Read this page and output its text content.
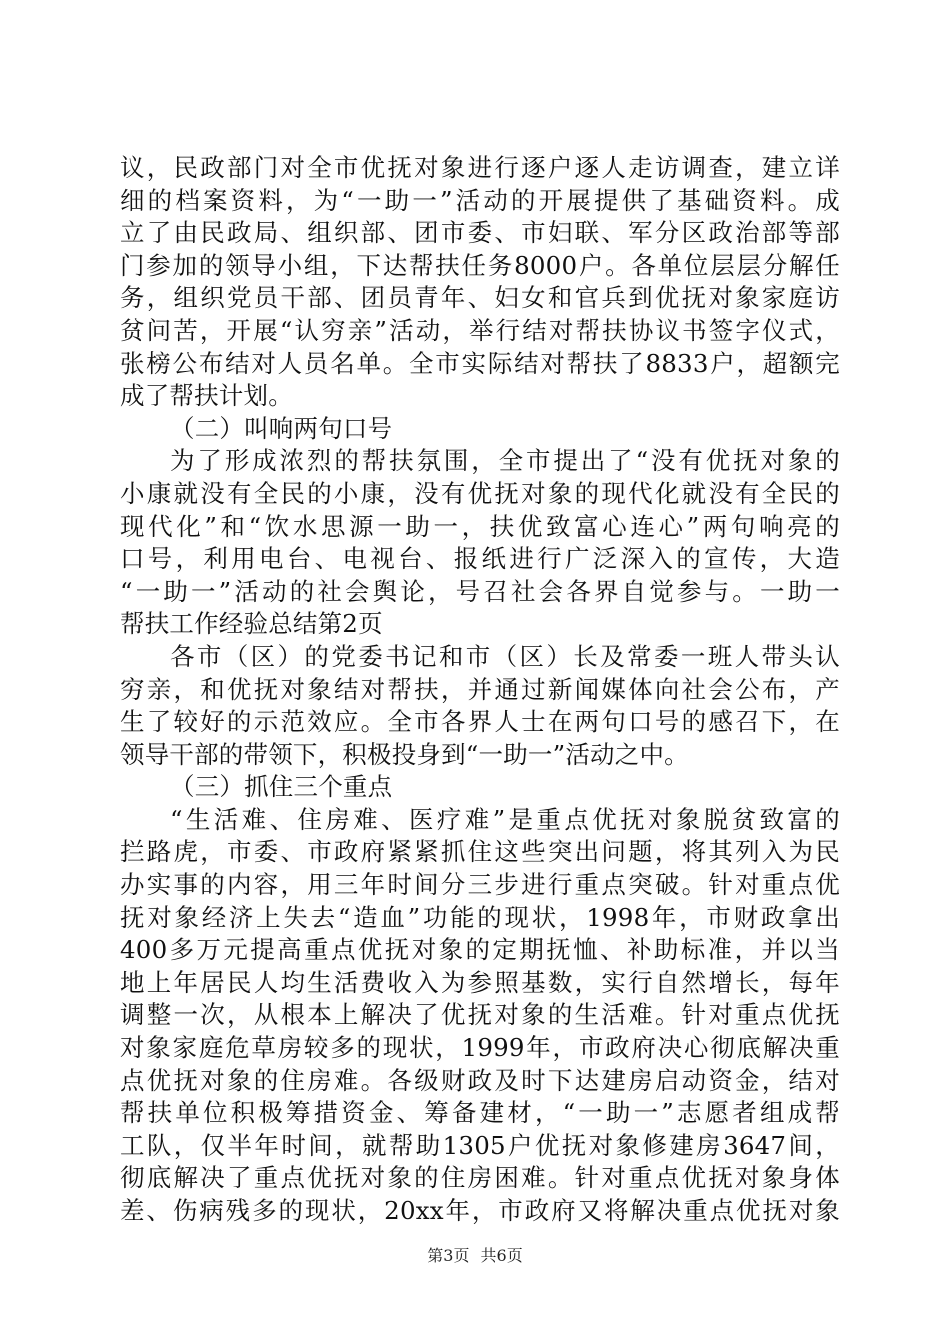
议，民政部门对全市优抚对象进行逐户逐人走访调查，建立详
细的档案资料，为“一助一”活动的开展提供了基础资料。成
立了由民政局、组织部、团市委、市妇联、军分区政治部等部
门参加的领导小组，下达帮扶任务8000户。各单位层层分解任
务，组织党员干部、团员青年、妇女和官兵到优抚对象家庭访
贫问苦，开展“认穷亲”活动，举行结对帮扶协议书签字仪式，
张榜公布结对人员名单。全市实际结对帮扶了8833户，超额完
成了帮扶计划。
（二）叫响两句口号
为了形成浓烈的帮扶氛围，全市提出了“没有优抚对象的
小康就没有全民的小康，没有优抚对象的现代化就没有全民的
现代化”和“饮水思源一助一，扶优致富心连心”两句响亮的
口号，利用电台、电视台、报纸进行广泛深入的宣传，大造
“一助一”活动的社会舆论，号召社会各界自觉参与。一助一
帮扶工作经验总结第2页
各市（区）的党委书记和市（区）长及常委一班人带头认
穷亲，和优抚对象结对帮扶，并通过新闻媒体向社会公布，产
生了较好的示范效应。全市各界人士在两句口号的感召下，在
领导干部的带领下，积极投身到“一助一”活动之中。
（三）抓住三个重点
“生活难、住房难、医疗难”是重点优抚对象脱贫致富的
拦路虎，市委、市政府紧紧抓住这些突出问题，将其列入为民
办实事的内容，用三年时间分三步进行重点突破。针对重点优
抚对象经济上失去“造血”功能的现状，1998年，市财政拿出
400多万元提高重点优抚对象的定期抚恤、补助标准，并以当
地上年居民人均生活费收入为参照基数，实行自然增长，每年
调整一次，从根本上解决了优抚对象的生活难。针对重点优抚
对象家庭危草房较多的现状，1999年，市政府决心彻底解决重
点优抚对象的住房难。各级财政及时下达建房启动资金，结对
帮扶单位积极筹措资金、筹备建材，“一助一”志愿者组成帮
工队，仅半年时间，就帮助1305户优抚对象修建房3647间，
彻底解决了重点优抚对象的住房困难。针对重点优抚对象身体
差、伤病残多的现状，20xx年，市政府又将解决重点优抚对象
第3页 共6页
